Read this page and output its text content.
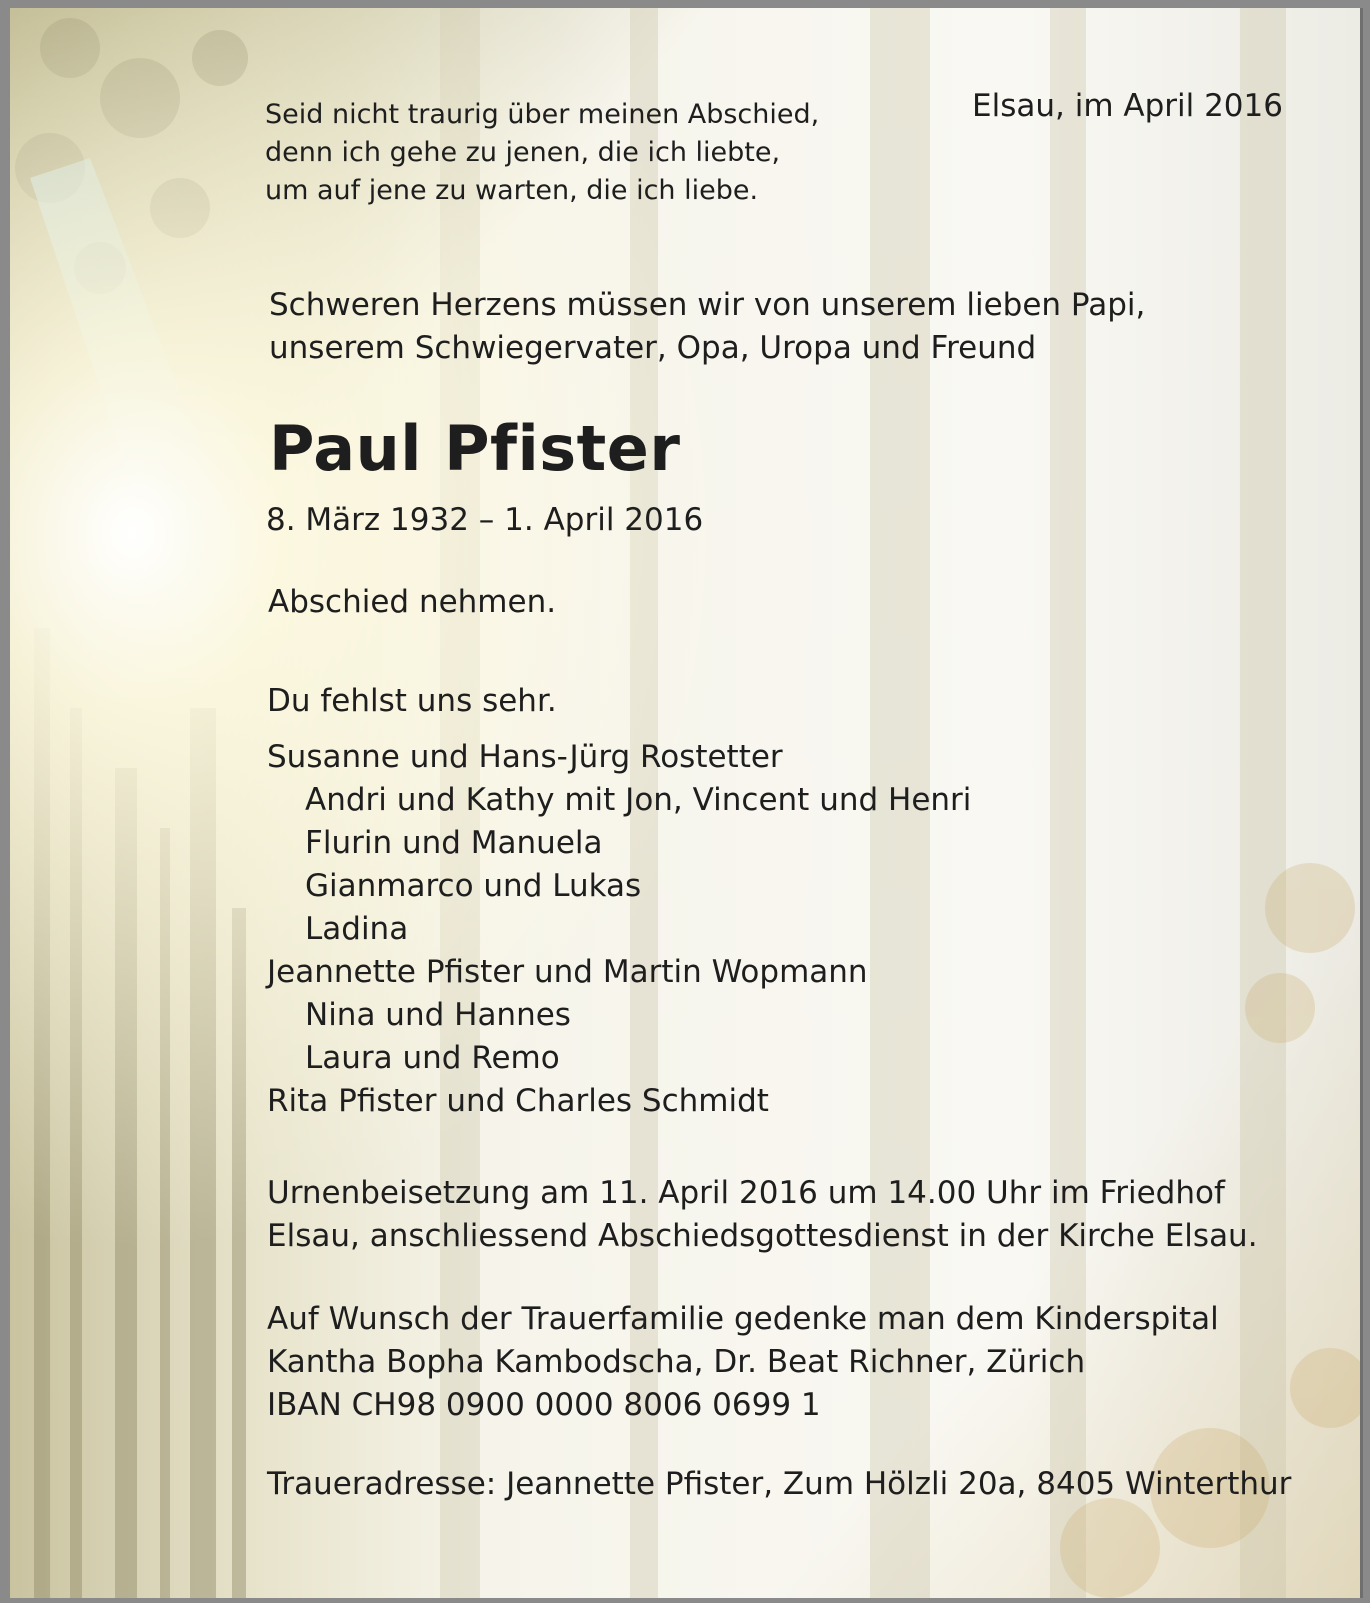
Seid nicht traurig über meinen Abschied,
denn ich gehe zu jenen, die ich liebte,
um auf jene zu warten, die ich liebe.
Elsau, im April 2016
Schweren Herzens müssen wir von unserem lieben Papi,
unserem Schwiegervater, Opa, Uropa und Freund
Paul Pfister
8. März 1932 – 1. April 2016
Abschied nehmen.
Du fehlst uns sehr.
Susanne und Hans-Jürg Rostetter
Andri und Kathy mit Jon, Vincent und Henri
Flurin und Manuela
Gianmarco und Lukas
Ladina
Jeannette Pfister und Martin Wopmann
Nina und Hannes
Laura und Remo
Rita Pfister und Charles Schmidt
Urnenbeisetzung am 11. April 2016 um 14.00 Uhr im Friedhof
Elsau, anschliessend Abschiedsgottesdienst in der Kirche Elsau.
Auf Wunsch der Trauerfamilie gedenke man dem Kinderspital
Kantha Bopha Kambodscha, Dr. Beat Richner, Zürich
IBAN CH98 0900 0000 8006 0699 1
Traueradresse: Jeannette Pfister, Zum Hölzli 20a, 8405 Winterthur
